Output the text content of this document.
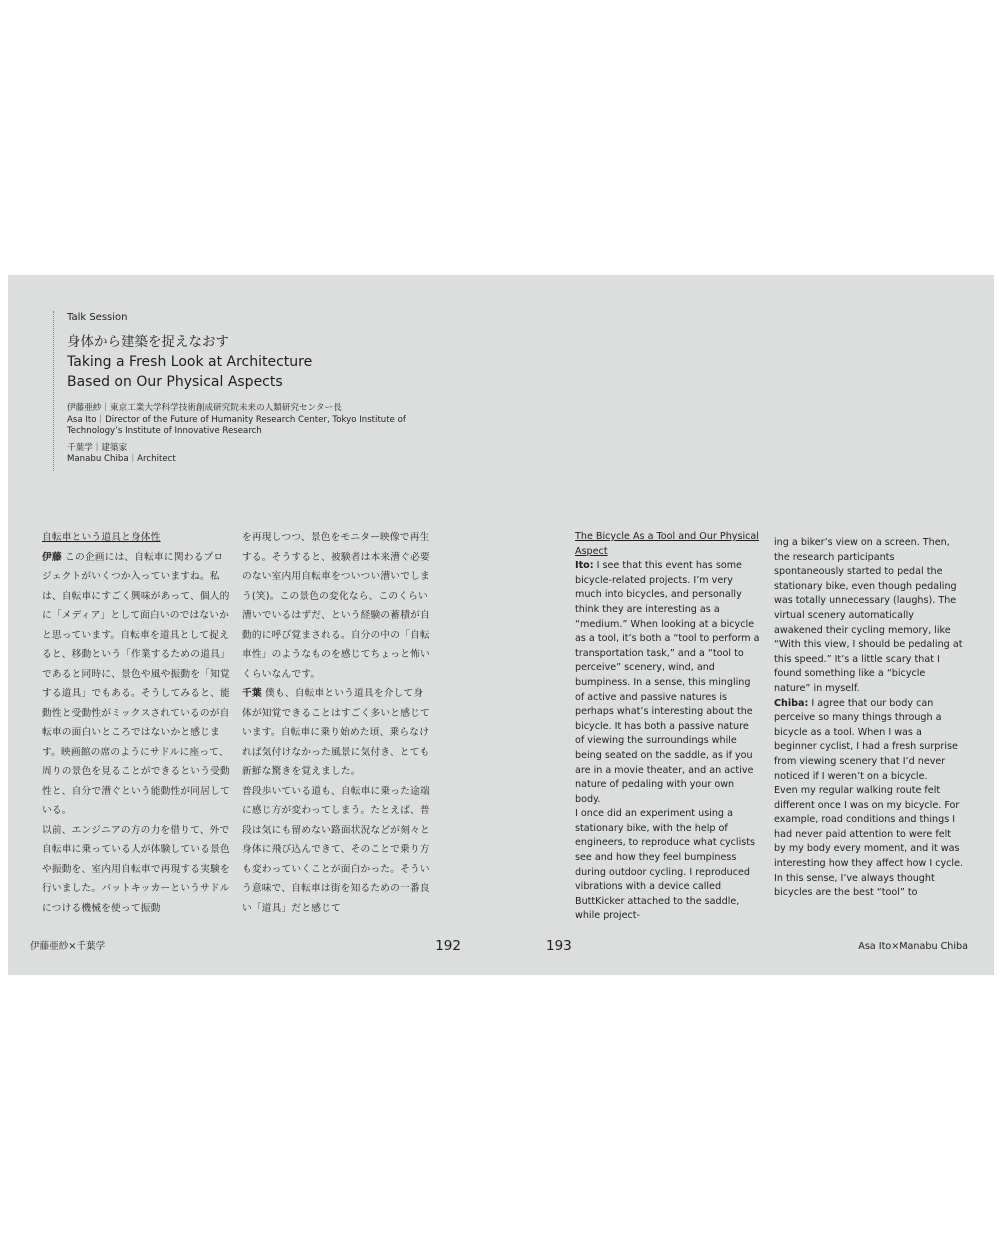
Talk Session

身体から建築を捉えなおす

Taking a Fresh Look at Architecture

Based on Our Physical Aspects

伊藤亜紗｜東京工業大学科学技術創成研究院未来の人類研究センター長
Asa Ito｜Director of the Future of Humanity Research Center, Tokyo Institute of
Technology’s Institute of Innovative Research
千葉学｜建築家
Manabu Chiba｜Architect
自転車という道具と身体性

伊藤 この企画には、自転車に関わるプロジェクトがいくつか入っていますね。私は、自転車にすごく興味があって、個人的に「メディア」として面白いのではないかと思っています。自転車を道具として捉えると、移動という「作業するための道具」であると同時に、景色や風や振動を「知覚する道具」でもある。そうしてみると、能動性と受動性がミックスされているのが自転車の面白いところではないかと感じます。映画館の席のようにサドルに座って、周りの景色を見ることができるという受動性と、自分で漕ぐという能動性が同居している。

以前、エンジニアの方の力を借りて、外で自転車に乗っている人が体験している景色や振動を、室内用自転車で再現する実験を行いました。バットキッカーというサドルにつける機械を使って振動

を再現しつつ、景色をモニター映像で再生する。そうすると、被験者は本来漕ぐ必要のない室内用自転車をついつい漕いでしまう(笑)。この景色の変化なら、このくらい漕いでいるはずだ、という経験の蓄積が自動的に呼び覚まされる。自分の中の「自転車性」のようなものを感じてちょっと怖いくらいなんです。

千葉 僕も、自転車という道具を介して身体が知覚できることはすごく多いと感じています。自転車に乗り始めた頃、乗らなければ気付けなかった風景に気付き、とても新鮮な驚きを覚えました。

普段歩いている道も、自転車に乗った途端に感じ方が変わってしまう。たとえば、普段は気にも留めない路面状況などが刻々と身体に飛び込んできて、そのことで乗り方も変わっていくことが面白かった。そういう意味で、自転車は街を知るための一番良い「道具」だと感じて

伊藤亜紗×千葉学	192
The Bicycle As a Tool and Our Physical Aspect

Ito: I see that this event has some bicycle-related projects. I’m very much into bicycles, and personally think they are interesting as a “medium.” When looking at a bicycle as a tool, it’s both a “tool to perform a transportation task,” and a “tool to perceive” scenery, wind, and bumpiness. In a sense, this mingling of active and passive natures is perhaps what’s interesting about the bicycle. It has both a passive nature of viewing the surroundings while being seated on the saddle, as if you are in a movie theater, and an active nature of pedaling with your own body.

I once did an experiment using a stationary bike, with the help of engineers, to reproduce what cyclists see and how they feel bumpiness during outdoor cycling. I reproduced vibrations with a device called ButtKicker attached to the saddle, while project-

ing a biker’s view on a screen. Then, the research participants spontaneously started to pedal the stationary bike, even though pedaling was totally unnecessary (laughs). The virtual scenery automatically awakened their cycling memory, like “With this view, I should be pedaling at this speed.” It’s a little scary that I found something like a “bicycle nature” in myself.

Chiba: I agree that our body can perceive so many things through a bicycle as a tool. When I was a beginner cyclist, I had a fresh surprise from viewing scenery that I’d never noticed if I weren’t on a bicycle.

Even my regular walking route felt different once I was on my bicycle. For example, road conditions and things I had never paid attention to were felt by my body every moment, and it was interesting how they affect how I cycle. In this sense, I’ve always thought bicycles are the best “tool” to

193	Asa Ito×Manabu Chiba
